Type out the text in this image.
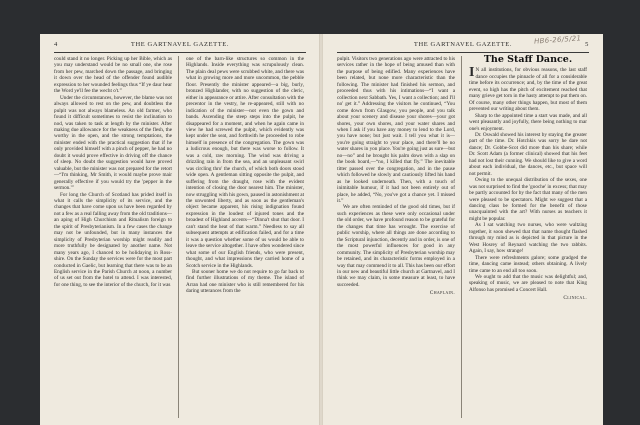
4	THE GARTNAVEL GAZETTE.

could stand it no longer. Picking up her Bible, which as you may understand would be no small one, she rose from her pew, marched down the passage, and bringing it down over the head of the offender found audible expression to her wounded feelings thus “If ye daur hear the Word ye'll fee the wecht o't.”

Under the circumstances, however, the blame was not always allowed to rest on the pew, and doubtless the pulpit was not always blameless. An old farmer, who found it difficult sometimes to resist the inclination to nod, was taken to task at length by the minister. After making due allowance for the weakness of the flesh, the worthy in the open, and the strong temptations, the minister ended with the practical suggestion that if he only provided himself with a pinch of pepper, he had no doubt it would prove effective in driving off the chance of sleep. No doubt the suggestion would have proved valuable, but the minister was not prepared for the retort—“I'm thinking, Mr Smith, it would maybe prove mair generally effective if you would try the 'pepper in the sermon.'”

For long the Church of Scotland has prided itself in what it calls the simplicity of its service, and the changes that have come upon us have been regarded by not a few as a real falling away from the old traditions—an aping of High Churchism and Ritualism foreign to the spirit of Presbyterianism. In a few cases the change may not be unfounded, but in many instances the simplicity of Presbyterian worship might readily and more truthfully be designated by another name. Not many years ago, I chanced to be holidaying in Ross-shire. On the Sunday the services were for the most part conducted in Gaelic, but learning that there was to be an English service in the Parish Church at noon, a number of us set out from the hotel to attend. I was interested, for one thing, to see the interior of the church, for it was

one of the barn-like structures so common in the Highlands. Inside everything was scrupulously clean. The plain deal pews were scrubbed white, and there was what in growing more and more uncommon, the pebble floor. Presently the minister appeared—a big, burly, bronzed Highlander, with no suggestion of the cleric, either in appearance or attire. After consultation with the precentor in the vestry, he re-appeared, still with no indication of the minister—not even the gown and bands. Ascending the steep steps into the pulpit, he disappeared for a moment, and when he again came in view he had screwed the pulpit, which evidently was kept under the seat, and forthwith he proceeded to robe himself in presence of the congregation. The gown was a ludicrous enough, but there was worse to follow. It was a cold, raw morning. The wind was driving a drizzling rain in from the sea, and an unpleasant swirl was circling thro' the church, of which both doors stood wide open. A gentleman sitting opposite the pulpit, and suffering from the draught, rose with the evident intention of closing the door nearest him. The minister, now struggling with his gown, paused in astonishment at the unwonted liberty, and as soon as the gentleman's object became apparent, his rising indignation found expression in the loudest of injured tones and the broadest of Highland accents—“Dinna't shut that door. I can't stand the heat of that warm.” Needless to say all subsequent attempts at edification failed, and for a time it was a question whether some of us would be able to leave the service altogether. I have often wondered since what some of our English friends, who were present, thought, and what impressions they carried home of a Scotch service in the Highlands.

But sooner home we do not require to go far back to find further illustrations of my theme. The island of Arran had one minister who is still remembered for his daring utterances from the

THE GARTNAVEL GAZETTE.	5
HB6-26/5/21

pulpit. Visitors two generations ago were attracted to his services rather in the hope of being amused than with the purpose of being edified. Many experiences have been related, but none more characteristic than the following. The minister had finished his sermon, and proceeded thus with his intimations—“I want a collection next Sabbath. Yes, I want a collection; and I'll no' get it.” Addressing the visitors he continued, “You come down from Glasgow, you people, and you talk about your scenery and disease your shores—your got shores, your own shores, and your water shares and when I ask if you have any money to lend to the Lord, you have none; but just wait. I tell you what it is—you're going straight to your place, and there'll be no water shares in yon place. You're going just as sure—but no—no” and he brought his palm down with a slap on the book board,—“no, I killed that fly.” The inevitable titter passed over the congregation, and in the pause which followed he slowly and cautiously lifted his hand as he looked underneath. Then, with a touch of inimitable humour, if it had not been entirely out of place, he added, “No, you've got a chance yet. I missed it.”

We are often reminded of the good old times, but if such experiences as these were only occasional under the old order, we have profound reason to be grateful for the changes that time has wrought. The exercise of public worship, where all things are done according to the Scriptural injunction, decently and in order, is one of the most powerful influences for good in any community. The simplicity of Presbyterian worship may be retained, and its characteristic forms employed in a way that may commend it to all. This has been our effort in our new and beautiful little church at Gartnavel, and I think we may claim, in some measure at least, to have succeeded.

Chaplain.
The Staff Dance.

I N all institutions, for obvious reasons, the last staff dance occupies the pinnacle of all for a considerable time before its occurrence; and, by the time of the great event, so high has the pitch of excitement reached that many grieve get torn in the hasty attempt to put them on. Of course, many other things happen, but most of them prevented our writing about them.

Sharp to the appointed time a start was made, and all went pleasantly and joyfully, there being nothing to mar one's enjoyment.

Dr. Oswald showed his interest by staying the greater part of the time. Dr. Hotchkis was sorry he dare not dance; Dr. Gobbe-Scot did more than his share; while Dr. Scott Adam (a former clinical) showed that his feet had not lost their cunning. We should like to give a word about each individual, the dances, etc., but space will not permit.

Owing to the unequal distribution of the sexes, one was not surprised to find the 'gooche' in excess; that may be partly accounted for by the fact that many of the men were pleased to be spectators. Might we suggest that a dancing class be formed for the benefit of those unacquainted with the art? With nurses as teachers it might be popular.

As I sat watching two nurses, who were waltzing together, it soon shewed that that name thought flashed through my mind as is depicted in that picture in the West Hosrey of Reynard watching the two rabbits. Again, I say, how strange!

There were refreshments galore; some gradged the time, dancing came instead; others obtaining. A lively time came to an end all too soon.

We ought to add that the music was delightful; and, speaking of music, we are pleased to note that King Alfonso has promised a Concert Hall.

Clinical.
